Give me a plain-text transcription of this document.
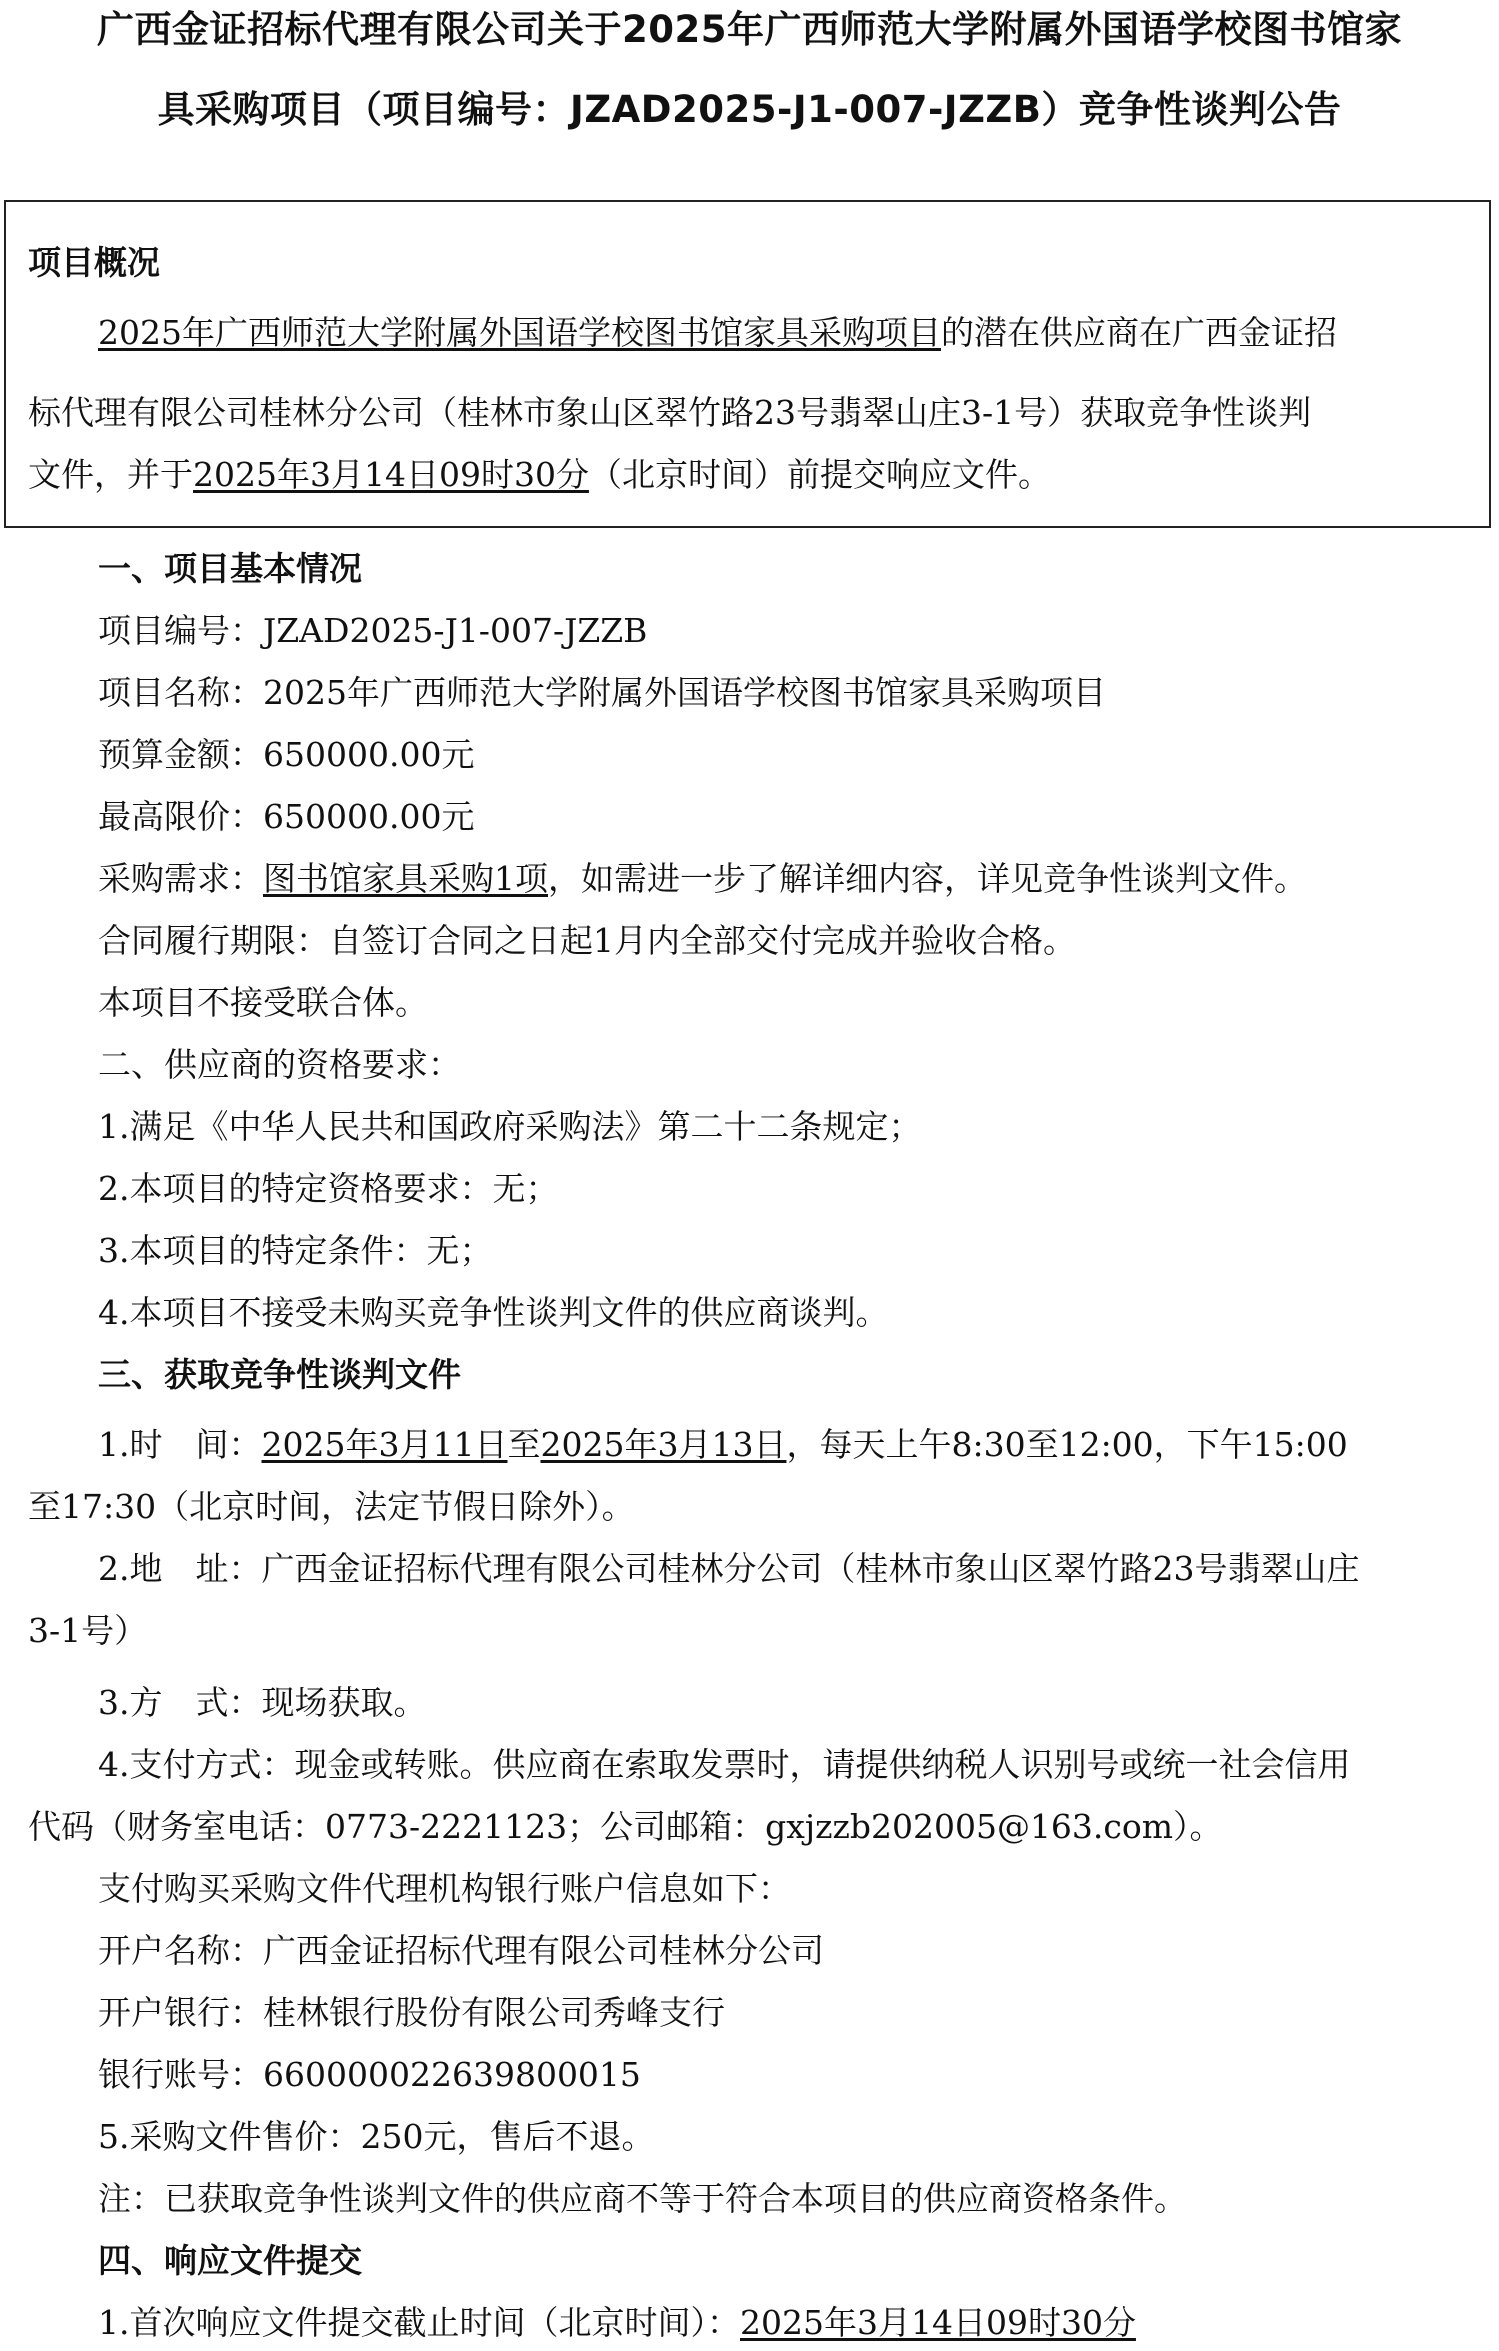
广西金证招标代理有限公司关于2025年广西师范大学附属外国语学校图书馆家
具采购项目（项目编号：JZAD2025-J1-007-JZZB）竞争性谈判公告
项目概况
2025年广西师范大学附属外国语学校图书馆家具采购项目的潜在供应商在广西金证招
标代理有限公司桂林分公司（桂林市象山区翠竹路23号翡翠山庄3-1号）获取竞争性谈判
文件，并于2025年3月14日09时30分（北京时间）前提交响应文件。
一、项目基本情况
项目编号：JZAD2025-J1-007-JZZB
项目名称：2025年广西师范大学附属外国语学校图书馆家具采购项目
预算金额：650000.00元
最高限价：650000.00元
采购需求：图书馆家具采购1项，如需进一步了解详细内容，详见竞争性谈判文件。
合同履行期限：自签订合同之日起1月内全部交付完成并验收合格。
本项目不接受联合体。
二、供应商的资格要求：
1.满足《中华人民共和国政府采购法》第二十二条规定；
2.本项目的特定资格要求：无；
3.本项目的特定条件：无；
4.本项目不接受未购买竞争性谈判文件的供应商谈判。
三、获取竞争性谈判文件
1.时　间：2025年3月11日至2025年3月13日，每天上午8:30至12:00，下午15:00
至17:30（北京时间，法定节假日除外）。
2.地　址：广西金证招标代理有限公司桂林分公司（桂林市象山区翠竹路23号翡翠山庄
3-1号）
3.方　式：现场获取。
4.支付方式：现金或转账。供应商在索取发票时，请提供纳税人识别号或统一社会信用
代码（财务室电话：0773-2221123；公司邮箱：gxjzzb202005@163.com）。
支付购买采购文件代理机构银行账户信息如下：
开户名称：广西金证招标代理有限公司桂林分公司
开户银行：桂林银行股份有限公司秀峰支行
银行账号：660000022639800015
5.采购文件售价：250元，售后不退。
注：已获取竞争性谈判文件的供应商不等于符合本项目的供应商资格条件。
四、响应文件提交
1.首次响应文件提交截止时间（北京时间）：2025年3月14日09时30分
